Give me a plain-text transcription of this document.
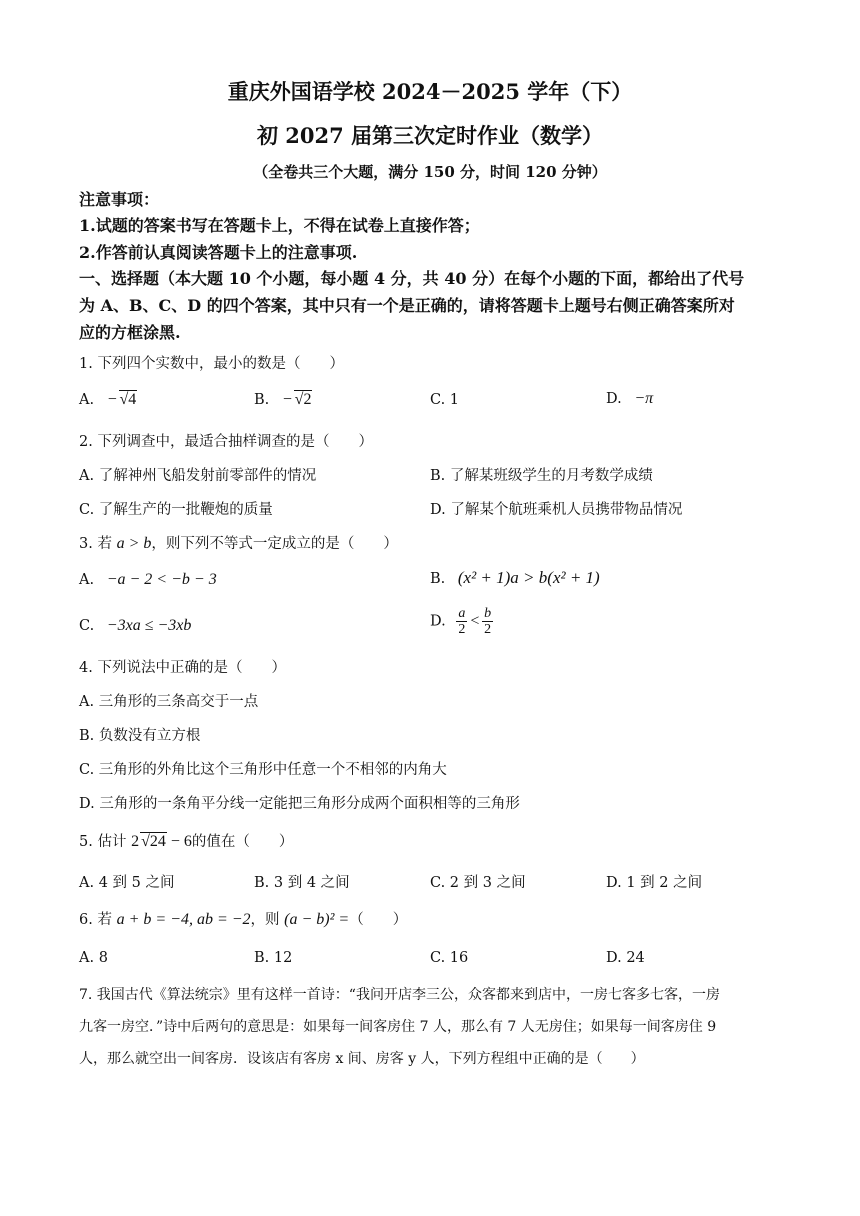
重庆外国语学校 2024－2025 学年（下）
初 2027 届第三次定时作业（数学）
（全卷共三个大题，满分 150 分，时间 120 分钟）
注意事项：
1.试题的答案书写在答题卡上，不得在试卷上直接作答；
2.作答前认真阅读答题卡上的注意事项.
一、选择题（本大题 10 个小题，每小题 4 分，共 40 分）在每个小题的下面，都给出了代号
为 A、B、C、D 的四个答案，其中只有一个是正确的，请将答题卡上题号右侧正确答案所对
应的方框涂黑.
1. 下列四个实数中，最小的数是（　　）
A. − √4	B. − √2	C. 1	D. −π
2. 下列调查中，最适合抽样调查的是（　　）
A. 了解神州飞船发射前零部件的情况	B. 了解某班级学生的月考数学成绩
C. 了解生产的一批鞭炮的质量	D. 了解某个航班乘机人员携带物品情况
3. 若 a > b，则下列不等式一定成立的是（　　）
A. −a − 2 < −b − 3	B. (x² + 1)a > b(x² + 1)
C. −3xa ≤ −3xb	D. $\frac{a}{2} < \frac{b}{2}$
4. 下列说法中正确的是（　　）
A. 三角形的三条高交于一点
B. 负数没有立方根
C. 三角形的外角比这个三角形中任意一个不相邻的内角大
D. 三角形的一条角平分线一定能把三角形分成两个面积相等的三角形
5. 估计 2 √24 − 6的值在（　　）
A. 4 到 5 之间	B. 3 到 4 之间	C. 2 到 3 之间	D. 1 到 2 之间
6. 若 a + b = −4, ab = −2，则 (a − b)² =（　　）
A. 8	B. 12	C. 16	D. 24
7. 我国古代《算法统宗》里有这样一首诗：“我问开店李三公，众客都来到店中，一房七客多七客，一房
九客一房空．”诗中后两句的意思是：如果每一间客房住 7 人，那么有 7 人无房住；如果每一间客房住 9
人，那么就空出一间客房．设该店有客房 x 间、房客 y 人，下列方程组中正确的是（　　）
